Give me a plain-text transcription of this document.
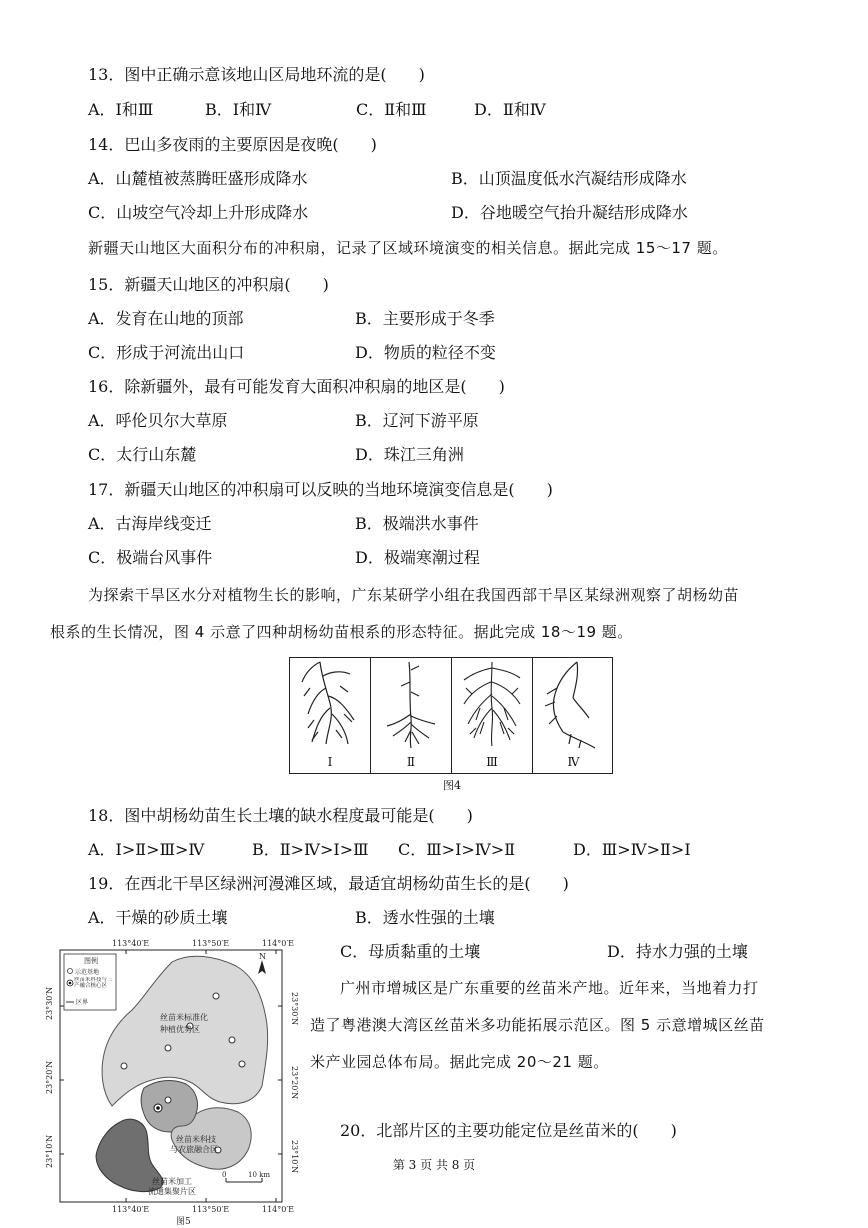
13．图中正确示意该地山区局地环流的是(　　)
A．Ⅰ和Ⅲ	B．Ⅰ和Ⅳ	C．Ⅱ和Ⅲ	D．Ⅱ和Ⅳ
14．巴山多夜雨的主要原因是夜晚(　　)
A．山麓植被蒸腾旺盛形成降水	B．山顶温度低水汽凝结形成降水
C．山坡空气冷却上升形成降水	D．谷地暖空气抬升凝结形成降水
新疆天山地区大面积分布的冲积扇，记录了区域环境演变的相关信息。据此完成 15～17 题。
15．新疆天山地区的冲积扇(　　)
A．发育在山地的顶部	B．主要形成于冬季
C．形成于河流出山口	D．物质的粒径不变
16．除新疆外，最有可能发育大面积冲积扇的地区是(　　)
A．呼伦贝尔大草原	B．辽河下游平原
C．太行山东麓	D．珠江三角洲
17．新疆天山地区的冲积扇可以反映的当地环境演变信息是(　　)
A．古海岸线变迁	B．极端洪水事件
C．极端台风事件	D．极端寒潮过程
为探索干旱区水分对植物生长的影响，广东某研学小组在我国西部干旱区某绿洲观察了胡杨幼苗
根系的生长情况，图 4 示意了四种胡杨幼苗根系的形态特征。据此完成 18～19 题。
Ⅰ	Ⅱ	Ⅲ	Ⅳ
图4
18．图中胡杨幼苗生长土壤的缺水程度最可能是(　　)
A．Ⅰ>Ⅱ>Ⅲ>Ⅳ	B．Ⅱ>Ⅳ>Ⅰ>Ⅲ C．Ⅲ>Ⅰ>Ⅳ>Ⅱ	D．Ⅲ>Ⅳ>Ⅱ>Ⅰ
19．在西北干旱区绿洲河漫滩区域，最适宜胡杨幼苗生长的是(　　)
A．干燥的砂质土壤	B．透水性强的土壤
C．母质黏重的土壤	D．持水力强的土壤
广州市增城区是广东重要的丝苗米产地。近年来，当地着力打
造了粤港澳大湾区丝苗米多功能拓展示范区。图 5 示意增城区丝苗
米产业园总体布局。据此完成 20～21 题。
20．北部片区的主要功能定位是丝苗米的(　　)
第 3 页 共 8 页
113°40′E	113°50′E	114°0′E
113°40′E	113°50′E	114°0′E
23°30′N
23°20′N
23°10′N
23°30′N
23°20′N
23°10′N
图例
示范基地
丝苗米科技与三产融合核心区
区界
N
丝苗米标准化
种植优势区
丝苗米科技
与农旅融合区
丝苗米加工
流通集聚片区
0	10 km
图5
